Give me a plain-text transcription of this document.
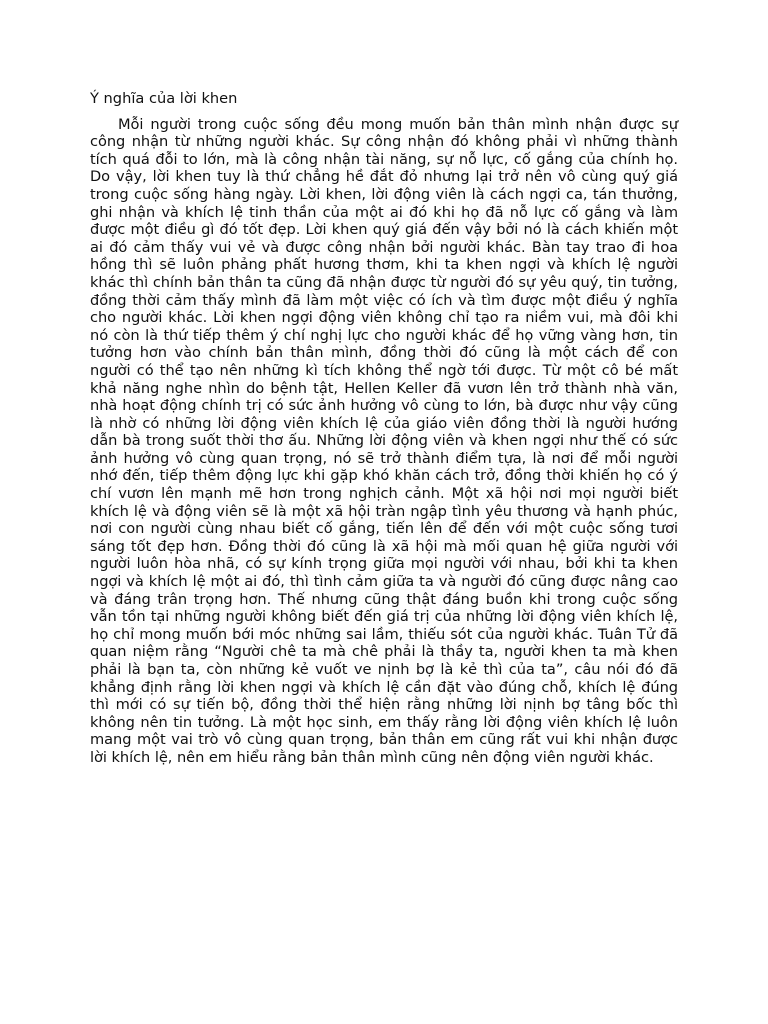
Ý nghĩa của lời khen

Mỗi người trong cuộc sống đều mong muốn bản thân mình nhận được sự công nhận từ những người khác. Sự công nhận đó không phải vì những thành tích quá đỗi to lớn, mà là công nhận tài năng, sự nỗ lực, cố gắng của chính họ. Do vậy, lời khen tuy là thứ chẳng hề đắt đỏ nhưng lại trở nên vô cùng quý giá trong cuộc sống hàng ngày. Lời khen, lời động viên là cách ngợi ca, tán thưởng, ghi nhận và khích lệ tinh thần của một ai đó khi họ đã nỗ lực cố gắng và làm được một điều gì đó tốt đẹp. Lời khen quý giá đến vậy bởi nó là cách khiến một ai đó cảm thấy vui vẻ và được công nhận bởi người khác. Bàn tay trao đi hoa hồng thì sẽ luôn phảng phất hương thơm, khi ta khen ngợi và khích lệ người khác thì chính bản thân ta cũng đã nhận được từ người đó sự yêu quý, tin tưởng, đồng thời cảm thấy mình đã làm một việc có ích và tìm được một điều ý nghĩa cho người khác. Lời khen ngợi động viên không chỉ tạo ra niềm vui, mà đôi khi nó còn là thứ tiếp thêm ý chí nghị lực cho người khác để họ vững vàng hơn, tin tưởng hơn vào chính bản thân mình, đồng thời đó cũng là một cách để con người có thể tạo nên những kì tích không thể ngờ tới được. Từ một cô bé mất khả năng nghe nhìn do bệnh tật, Hellen Keller đã vươn lên trở thành nhà văn, nhà hoạt động chính trị có sức ảnh hưởng vô cùng to lớn, bà được như vậy cũng là nhờ có những lời động viên khích lệ của giáo viên đồng thời là người hướng dẫn bà trong suốt thời thơ ấu. Những lời động viên và khen ngợi như thế có sức ảnh hưởng vô cùng quan trọng, nó sẽ trở thành điểm tựa, là nơi để mỗi người nhớ đến, tiếp thêm động lực khi gặp khó khăn cách trở, đồng thời khiến họ có ý chí vươn lên mạnh mẽ hơn trong nghịch cảnh. Một xã hội nơi mọi người biết khích lệ và động viên sẽ là một xã hội tràn ngập tình yêu thương và hạnh phúc, nơi con người cùng nhau biết cố gắng, tiến lên để đến với một cuộc sống tươi sáng tốt đẹp hơn. Đồng thời đó cũng là xã hội mà mối quan hệ giữa người với người luôn hòa nhã, có sự kính trọng giữa mọi người với nhau, bởi khi ta khen ngợi và khích lệ một ai đó, thì tình cảm giữa ta và người đó cũng được nâng cao và đáng trân trọng hơn. Thế nhưng cũng thật đáng buồn khi trong cuộc sống vẫn tồn tại những người không biết đến giá trị của những lời động viên khích lệ, họ chỉ mong muốn bới móc những sai lầm, thiếu sót của người khác. Tuân Tử đã quan niệm rằng “Người chê ta mà chê phải là thầy ta, người khen ta mà khen phải là bạn ta, còn những kẻ vuốt ve nịnh bợ là kẻ thì của ta”, câu nói đó đã khẳng định rằng lời khen ngợi và khích lệ cần đặt vào đúng chỗ, khích lệ đúng thì mới có sự tiến bộ, đồng thời thể hiện rằng những lời nịnh bợ tâng bốc thì không nên tin tưởng. Là một học sinh, em thấy rằng lời động viên khích lệ luôn mang một vai trò vô cùng quan trọng, bản thân em cũng rất vui khi nhận được lời khích lệ, nên em hiểu rằng bản thân mình cũng nên động viên người khác.
